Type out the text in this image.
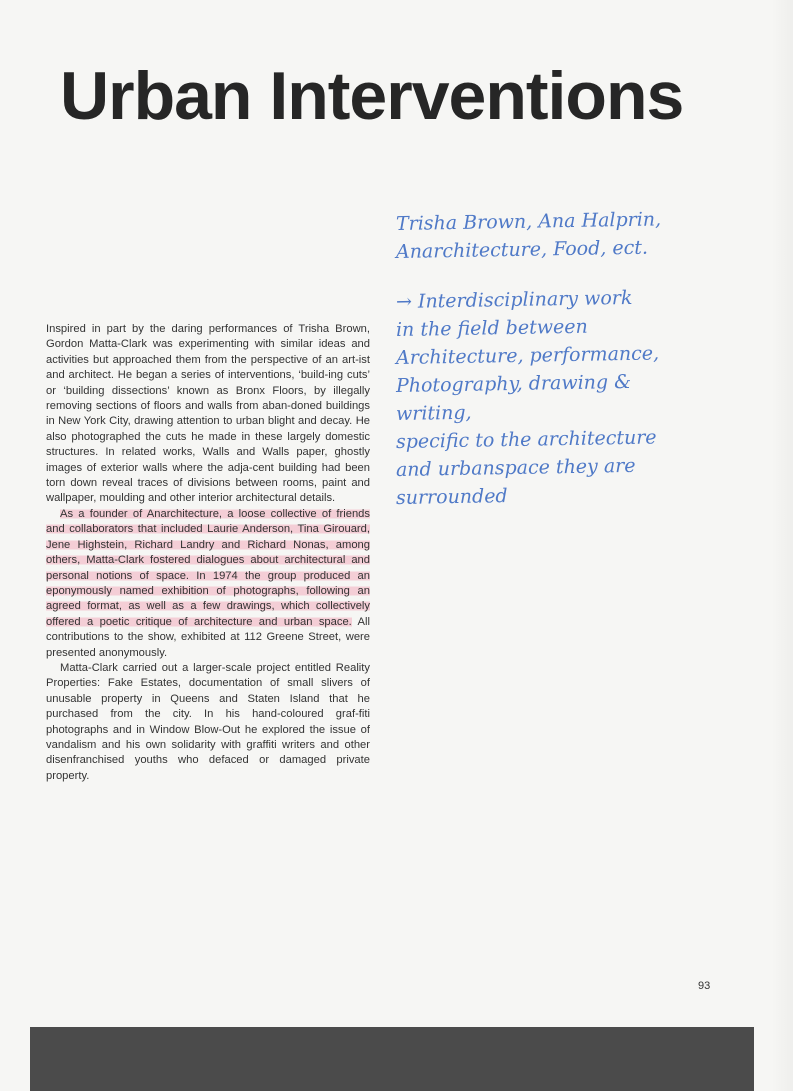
Urban Interventions

Inspired in part by the daring performances of Trisha Brown, Gordon Matta-Clark was experimenting with similar ideas and activities but approached them from the perspective of an art-ist and architect. He began a series of interventions, ‘build-ing cuts’ or ‘building dissections’ known as Bronx Floors, by illegally removing sections of floors and walls from aban-doned buildings in New York City, drawing attention to urban blight and decay. He also photographed the cuts he made in these largely domestic structures. In related works, Walls and Walls paper, ghostly images of exterior walls where the adja-cent building had been torn down reveal traces of divisions between rooms, paint and wallpaper, moulding and other interior architectural details.

As a founder of Anarchitecture, a loose collective of friends and collaborators that included Laurie Anderson, Tina Girouard, Jene Highstein, Richard Landry and Richard Nonas, among others, Matta-Clark fostered dialogues about architectural and personal notions of space. In 1974 the group produced an eponymously named exhibition of photographs, following an agreed format, as well as a few drawings, which collectively offered a poetic critique of architecture and urban space. All contributions to the show, exhibited at 112 Greene Street, were presented anonymously.

Matta-Clark carried out a larger-scale project entitled Reality Properties: Fake Estates, documentation of small slivers of unusable property in Queens and Staten Island that he purchased from the city. In his hand-coloured graf-fiti photographs and in Window Blow-Out he explored the issue of vandalism and his own solidarity with graffiti writers and other disenfranchised youths who defaced or damaged private property.

Trisha Brown, Ana Halprin,
Anarchitecture, Food, ect.
→ Interdisciplinary work
in the field between
Architecture, performance,
Photography, drawing &
writing,
specific to the architecture
and urbanspace they are
surrounded
93
